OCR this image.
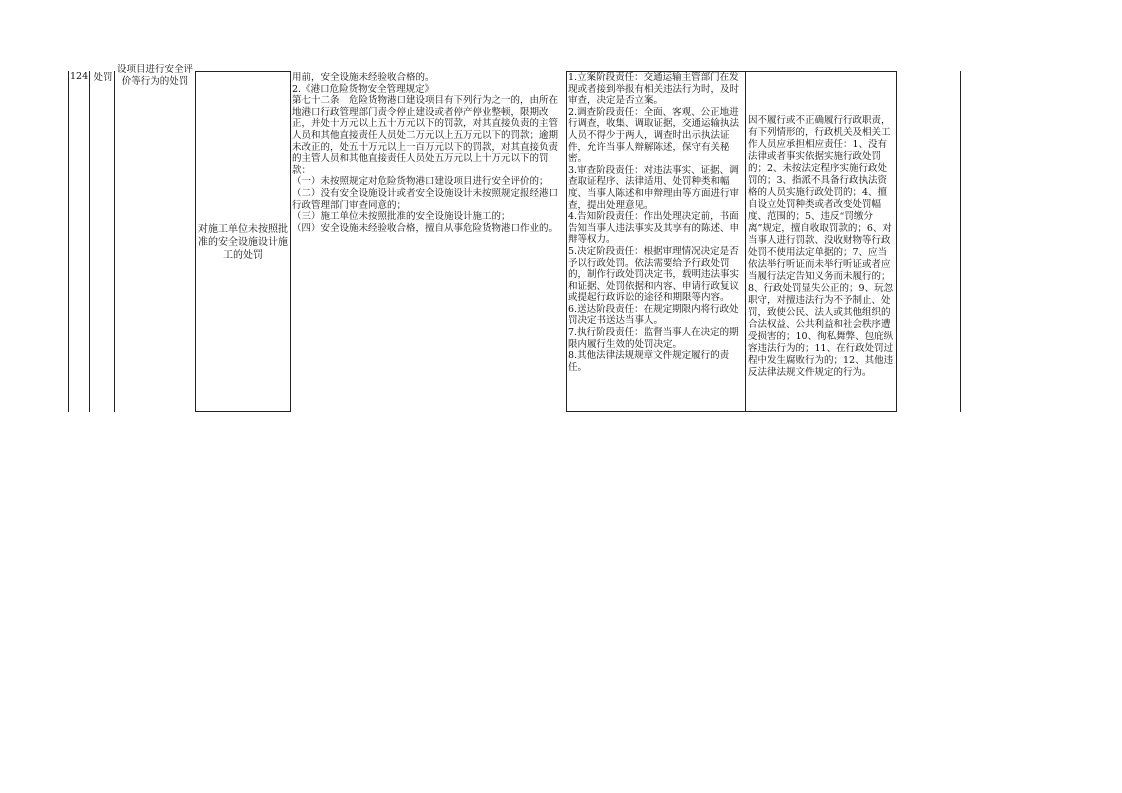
124 处罚
设项目进行安全评价等行为的处罚
对施工单位未按照批准的安全设施设计施工的处罚

用前，安全设施未经验收合格的。

2.《港口危险货物安全管理规定》

第七十二条　危险货物港口建设项目有下列行为之一的，由所在地港口行政管理部门责令停止建设或者停产停业整顿，限期改正，并处十万元以上五十万元以下的罚款，对其直接负责的主管人员和其他直接责任人员处二万元以上五万元以下的罚款；逾期未改正的，处五十万元以上一百万元以下的罚款，对其直接负责的主管人员和其他直接责任人员处五万元以上十万元以下的罚款：

（一）未按照规定对危险货物港口建设项目进行安全评价的；

（二）没有安全设施设计或者安全设施设计未按照规定报经港口行政管理部门审查同意的；

（三）施工单位未按照批准的安全设施设计施工的；

（四）安全设施未经验收合格，擅自从事危险货物港口作业的。

1.立案阶段责任：交通运输主管部门在发现或者接到举报有相关违法行为时，及时审查，决定是否立案。

2.调查阶段责任：全面、客观、公正地进行调查，收集、调取证据，交通运输执法人员不得少于两人，调查时出示执法证件，允许当事人辩解陈述，保守有关秘密。

3.审查阶段责任：对违法事实、证据、调查取证程序、法律适用、处罚种类和幅度、当事人陈述和申辩理由等方面进行审查，提出处理意见。

4.告知阶段责任：作出处理决定前，书面告知当事人违法事实及其享有的陈述、申辩等权力。

5.决定阶段责任：根据审理情况决定是否予以行政处罚。依法需要给予行政处罚的，制作行政处罚决定书，载明违法事实和证据、处罚依据和内容、申请行政复议或提起行政诉讼的途径和期限等内容。

6.送达阶段责任：在规定期限内将行政处罚决定书送达当事人。

7.执行阶段责任：监督当事人在决定的期限内履行生效的处罚决定。

8.其他法律法规规章文件规定履行的责任。

因不履行或不正确履行行政职责，有下列情形的，行政机关及相关工作人员应承担相应责任：1、没有法律或者事实依据实施行政处罚的；2、未按法定程序实施行政处罚的；3、指派不具备行政执法资格的人员实施行政处罚的；4、擅自设立处罚种类或者改变处罚幅度、范围的；5、违反“罚缴分离”规定，擅自收取罚款的；6、对当事人进行罚款、没收财物等行政处罚不使用法定单据的；7、应当依法举行听证而未举行听证或者应当履行法定告知义务而未履行的；8、行政处罚显失公正的；9、玩忽职守，对擅违法行为不予制止、处罚，致使公民、法人或其他组织的合法权益、公共利益和社会秩序遭受损害的；10、徇私舞弊、包庇纵容违法行为的；11、在行政处罚过程中发生腐败行为的；12、其他违反法律法规文件规定的行为。
